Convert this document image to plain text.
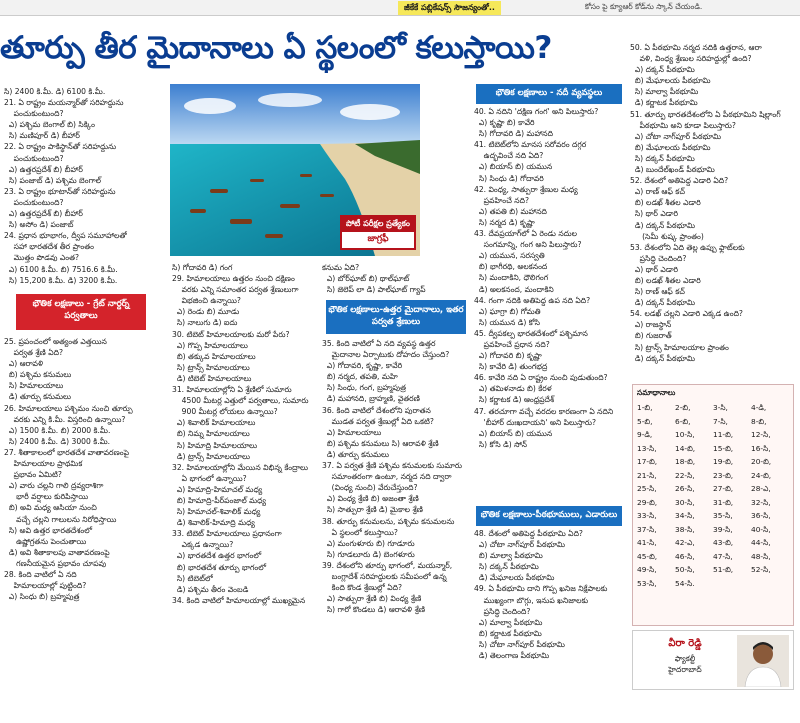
జీకేకే పబ్లికేషన్స్ సౌజన్యంతో..	కోసం పై క్యూఆర్ కోడ్‌ను స్కాన్ చేయండి.
తూర్పు తీర మైదానాలు ఏ స్థలంలో కలుస్తాయి?

సి) 2400 కి.మీ. డి) 6100 కి.మీ.

21. ఏ రాష్ట్రం మయన్మార్‌తో సరిహద్దును

పంచుకుంటుంది?

ఎ) పశ్చిమ బెంగాల్ బి) సిక్కిం

సి) మణిపూర్ డి) బీహార్

22. ఏ రాష్ట్రం పాకిస్థాన్‌తో సరిహద్దును

పంచుకుంటుంది?

ఎ) ఉత్తరప్రదేశ్ బి) బీహార్

సి) పంజాబ్ డి) పశ్చిమ బెంగాల్

23. ఏ రాష్ట్రం భూటాన్‌తో సరిహద్దును

పంచుకుంటుంది?

ఎ) ఉత్తరప్రదేశ్ బి) బీహార్

సి) అసోం డి) పంజాబ్

24. ప్రధాన భూభాగం, ద్వీప సమూహాలతో

సహా భారతదేశ తీర ప్రాంతం

మొత్తం పొడవు ఎంత?

ఎ) 6100 కి.మీ. బి) 7516.6 కి.మీ.

సి) 15,200 కి.మీ. డి) 3200 కి.మీ.

భౌతిక లక్షణాలు - గ్రేట్ నార్దర్న్ పర్వతాలు

25. ప్రపంచంలో అత్యంత ఎత్తయిన

పర్వత శ్రేణి ఏది?

ఎ) ఆరావళి

బి) పశ్చిమ కనుమలు

సి) హిమాలయాలు

డి) తూర్పు కనుమలు

26. హిమాలయాలు పశ్చిమం నుంచి తూర్పు

వరకు ఎన్ని కి.మీ. విస్తరించి ఉన్నాయి?

ఎ) 1500 కి.మీ. బి) 2000 కి.మీ.

సి) 2400 కి.మీ. డి) 3000 కి.మీ.

27. శీతాకాలంలో భారతదేశ వాతావరణంపై

హిమాలయాల ప్రాథమిక

ప్రభావం ఏమిటి?

ఎ) వారు చల్లని గాలి ద్రవ్యరాశిగా

భారీ వర్షాలు కురిపిస్తాయి

బి) అవి మధ్య ఆసియా నుంచి

వచ్చే చల్లని గాలులను నిరోధిస్తాయి

సి) అవి ఉత్తర భారతదేశంలో

ఉష్ణోగ్రతను పెంచుతాయి

డి) అవి శీతాకాలపు వాతావరణంపై

గణనీయమైన ప్రభావం చూపవు

28. కింది వాటిలో ఏ నది

హిమాలయాల్లో పుట్టింది?

ఎ) సింధు బి) బ్రహ్మపుత్ర

పోటీ పరీక్షల ప్రత్యేకం
జాగ్రఫీ

సి) గోదావరి డి) గంగ

29. హిమాలయాలు ఉత్తరం నుంచి దక్షిణం

వరకు ఎన్ని సమాంతర పర్వత శ్రేణులుగా

విభజించి ఉన్నాయి?

ఎ) రెండు బి) మూడు

సి) నాలుగు డి) ఐదు

30. టిబెట్ హిమాలయాలకు మరో పేరు?

ఎ) గొప్ప హిమాలయాలు

బి) తక్కువ హిమాలయాలు

సి) ట్రాన్స్ హిమాలయాలు

డి) టిబెట్ హిమాలయాలు

31. హిమాలయాల్లోని ఏ శ్రేణిలో సుమారు

4500 మీటర్ల ఎత్తులో పర్వతాలు, సుమారు

900 మీటర్ల లోయలు ఉన్నాయి?

ఎ) శివాలిక్ హిమాలయాలు

బి) నిమ్న హిమాలయాలు

సి) హిమాద్రి హిమాలయాలు

డి) ట్రాన్స్ హిమాలయాలు

32. హిమాలయాల్లోని మేయిన విభిన్న కేంద్రాలు

ఏ భాగంలో ఉన్నాయి?

ఎ) హిమాద్రి-హిమాచల్ మధ్య

బి) హిమాద్రి-పీర్‌పంజాల్ మధ్య

సి) హిమాచల్-శివాలిక్ మధ్య

డి) శివాలిక్-హిమాద్రి మధ్య

33. టిబెట్ హిమాలయాలు ప్రధానంగా

ఎక్కడ ఉన్నాయి?

ఎ) భారతదేశ ఉత్తర భాగంలో

బి) భారతదేశ తూర్పు భాగంలో

సి) టిబెట్‌లో

డి) పశ్చిమ తీరం వెంబడి

34. కింది వాటిలో హిమాలయాల్లో ముఖ్యమైన

కనుమ ఏది?

ఎ) బోర్‌ఘాట్ బి) థాల్‌ఘాట్

సి) జెలెప్ లా డి) పాల్‌ఘాట్ గ్యాప్

భౌతిక లక్షణాలు-ఉత్తర మైదానాలు, ఇతర పర్వత శ్రేణులు

35. కింది వాటిలో ఏ నది వ్యవస్థ ఉత్తర

మైదానాల ఏర్పాటుకు దోహదం చేస్తుంది?

ఎ) గోదావరి, కృష్ణా, కావేరి

బి) నర్మద, తపతి, మహి

సి) సింధు, గంగ, బ్రహ్మపుత్ర

డి) మహానది, బ్రాహ్మణి, వైతరణి

36. కింది వాటిలో దేశంలోని పురాతన

ముడత పర్వత శ్రేణుల్లో ఏది ఒకటి?

ఎ) హిమాలయాలు

బి) పశ్చిమ కనుమలు సి) ఆరావళి శ్రేణి

డి) తూర్పు కనుమలు

37. ఏ పర్వత శ్రేణి పశ్చిమ కనుమలకు సుమారు

సమాంతరంగా ఉంటూ, నర్మద నది ద్వారా

(వింధ్య నుంచి) వేరుచేస్తుంది?

ఎ) వింధ్య శ్రేణి బి) అజంతా శ్రేణి

సి) సాత్పురా శ్రేణి డి) మైకాల శ్రేణి

38. తూర్పు కనుమలను, పశ్చిమ కనుమలను

ఏ స్థలంలో కలుస్తాయి?

ఎ) మంగుళూరు బి) గూడూరు

సి) గూడలూరు డి) బెంగళూరు

39. దేశంలోని తూర్పు భాగంలో, మయన్మార్,

బంగ్లాదేశ్ సరిహద్దులకు సమీపంలో ఉన్న

కింది కొండ శ్రేణుల్లో ఏది?

ఎ) సాత్పురా శ్రేణి బి) వింధ్య శ్రేణి

సి) గారో కొండలు డి) ఆరావళి శ్రేణి

భౌతిక లక్షణాలు - నదీ వ్యవస్థలు

40. ఏ నదిని 'దక్షిణ గంగ' అని పిలుస్తారు?

ఎ) కృష్ణా బి) కావేరి

సి) గోదావరి డి) మహానది

41. టిబెట్‌లోని మానస సరోవరం దగ్గర

ఉద్భవించే నది ఏది?

ఎ) బియాస్ బి) యమున

సి) సింధు డి) గోదావరి

42. వింధ్య, సాత్పురా శ్రేణుల మధ్య

ప్రవహించే నది?

ఎ) తపతి బి) మహానది

సి) నర్మద డి) కృష్ణా

43. దేవప్రయాగ్‌లో ఏ రెండు నదుల

సంగమాన్ని, గంగ అని పిలుస్తారు?

ఎ) యమున, సరస్వతి

బి) భాగీరథి, అలకనంద

సి) మందాకిని, ధౌలిగంగ

డి) అలకనంద, మందాకిని

44. గంగా నదికి అతిపెద్ద ఉప నది ఏది?

ఎ) ఘాగ్రా బి) గోమతి

సి) యమున డి) కోసి

45. ద్వీపకల్ప భారతదేశంలో పశ్చిమాన

ప్రవహించే ప్రధాన నది?

ఎ) గోదావరి బి) కృష్ణా

సి) కావేరి డి) తుంగభద్ర

46. కావేరి నది ఏ రాష్ట్రం నుంచి పుడుతుంది?

ఎ) తమిళనాడు బి) కేరళ

సి) కర్ణాటక డి) ఆంధ్రప్రదేశ్

47. తరచూగా వచ్చే వరదల కారణంగా ఏ నదిని

'బీహార్ దుఃఖదాయని' అని పిలుస్తారు?

ఎ) బియాస్ బి) యమున

సి) కోసి డి) సోన్

భౌతిక లక్షణాలు-పీఠభూములు, ఎడారులు

48. దేశంలో అతిపెద్ద పీఠభూమి ఏది?

ఎ) చోటా నాగ్‌పూర్ పీఠభూమి

బి) మాల్వా పీఠభూమి

సి) దక్కన్ పీఠభూమి

డి) మేఘాలయ పీఠభూమి

49. ఏ పీఠభూమి దాని గొప్ప ఖనిజ నిక్షేపాలకు

ముఖ్యంగా బొగ్గు, ఇనుప ఖనిజాలకు

ప్రసిద్ధి చెందింది?

ఎ) మాల్వా పీఠభూమి

బి) కర్ణాటక పీఠభూమి

సి) చోటా నాగ్‌పూర్ పీఠభూమి

డి) తెలంగాణ పీఠభూమి

50. ఏ పీఠభూమి నర్మద నదికి ఉత్తరాన, ఆరా

వళి, వింధ్య శ్రేణుల సరిహద్దుల్లో ఉంది?

ఎ) దక్కన్ పీఠభూమి

బి) మేఘాలయ పీఠభూమి

సి) మాల్వా పీఠభూమి

డి) కర్ణాటక పీఠభూమి

51. తూర్పు భారతదేశంలోని ఏ పీఠభూమిని షిల్లాంగ్

పీఠభూమి అని కూడా పిలుస్తారు?

ఎ) చోటా నాగ్‌పూర్ పీఠభూమి

బి) మేఘాలయ పీఠభూమి

సి) దక్కన్ పీఠభూమి

డి) బుందేల్‌ఖండ్ పీఠభూమి

52. దేశంలో అతిపెద్ద ఎడారి ఏది?

ఎ) రాణ్ ఆఫ్ కచ్

బి) లడఖ్ శీతల ఎడారి

సి) థార్ ఎడారి

డి) దక్కన్ పీఠభూమి

(సెమీ శుష్క ప్రాంతం)

53. దేశంలోని ఏది తెల్ల ఉప్పు ఫ్లాట్‌లకు

ప్రసిద్ధి చెందింది?

ఎ) థార్ ఎడారి

బి) లడఖ్ శీతల ఎడారి

సి) రాణ్ ఆఫ్ కచ్

డి) దక్కన్ పీఠభూమి

54. లడఖ్ చల్లని ఎడారి ఎక్కడ ఉంది?

ఎ) రాజస్థాన్

బి) గుజరాత్

సి) ట్రాన్స్ హిమాలయాల ప్రాంతం

డి) దక్కన్ పీఠభూమి

సమాధానాలు
1-బి,	2-బి,	3-సి,	4-డి,
5-బి,	6-బి,	7-సి,	8-బి,
9-డి,	10-సి,	11-బి,	12-సి,
13-సి,	14-బి,	15-బి,	16-సి,
17-బి,	18-బి,	19-బి,	20-బి,
21-సి,	22-సి,	23-బి,	24-బి,
25-సి,	26-సి,	27-బి,	28-ఎ,
29-బి,	30-సి,	31-బి,	32-సి,
33-సి,	34-సి,	35-సి,	36-సి,
37-సి,	38-సి,	39-సి,	40-సి,
41-సి,	42-ఎ,	43-బి,	44-సి,
45-బి,	46-సి,	47-సి,	48-సి,
49-సి,	50-సి,	51-బి,	52-సి,
53-సి,	54-సి.		
వీరా రెడ్డి
ఫ్యాకల్టీ
హైదరాబాద్
